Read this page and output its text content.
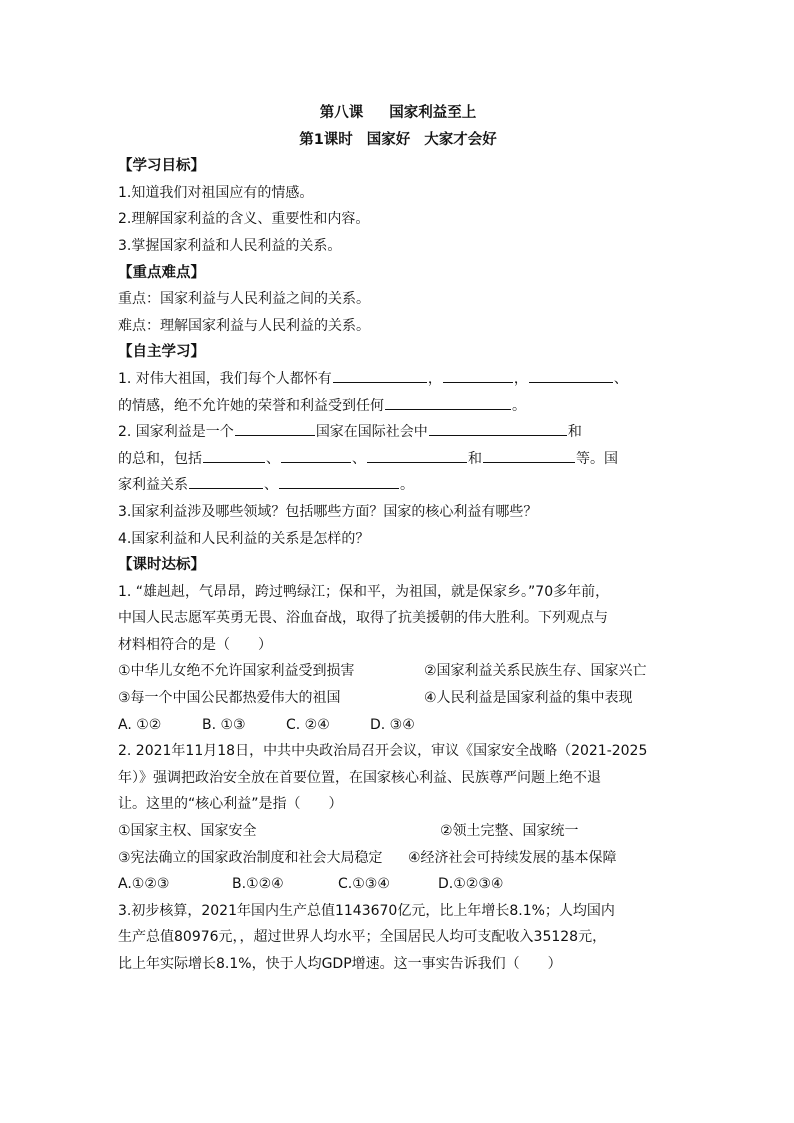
第八课 国家利益至上
第1课时 国家好 大家才会好
【学习目标】
1.知道我们对祖国应有的情感。
2.理解国家利益的含义、重要性和内容。
3.掌握国家利益和人民利益的关系。
【重点难点】
重点：国家利益与人民利益之间的关系。
难点：理解国家利益与人民利益的关系。
【自主学习】
1. 对伟大祖国，我们每个人都怀有	，	，	、
的情感，绝不允许她的荣誉和利益受到任何	。
2. 国家利益是一个	国家在国际社会中	和
的总和，包括	、	、	和	等。国
家利益关系	、	。
3.国家利益涉及哪些领域？包括哪些方面？国家的核心利益有哪些？
4.国家利益和人民利益的关系是怎样的？
【课时达标】
1. “雄赳赳，气昂昂，跨过鸭绿江；保和平，为祖国，就是保家乡。”70多年前，
中国人民志愿军英勇无畏、浴血奋战，取得了抗美援朝的伟大胜利。下列观点与
材料相符合的是（　　）
①中华儿女绝不允许国家利益受到损害	②国家利益关系民族生存、国家兴亡
③每一个中国公民都热爱伟大的祖国	④人民利益是国家利益的集中表现
A. ①②	B. ①③	C. ②④	D. ③④
2. 2021年11月18日，中共中央政治局召开会议，审议《国家安全战略（2021-2025
年）》强调把政治安全放在首要位置，在国家核心利益、民族尊严问题上绝不退
让。这里的“核心利益”是指（　　）
①国家主权、国家安全	②领土完整、国家统一
③宪法确立的国家政治制度和社会大局稳定 ④经济社会可持续发展的基本保障
A.①②③	B.①②④	C.①③④	D.①②③④
3.初步核算，2021年国内生产总值1143670亿元，比上年增长8.1%；人均国内
生产总值80976元，，超过世界人均水平；全国居民人均可支配收入35128元，
比上年实际增长8.1%，快于人均GDP增速。这一事实告诉我们（　　）
